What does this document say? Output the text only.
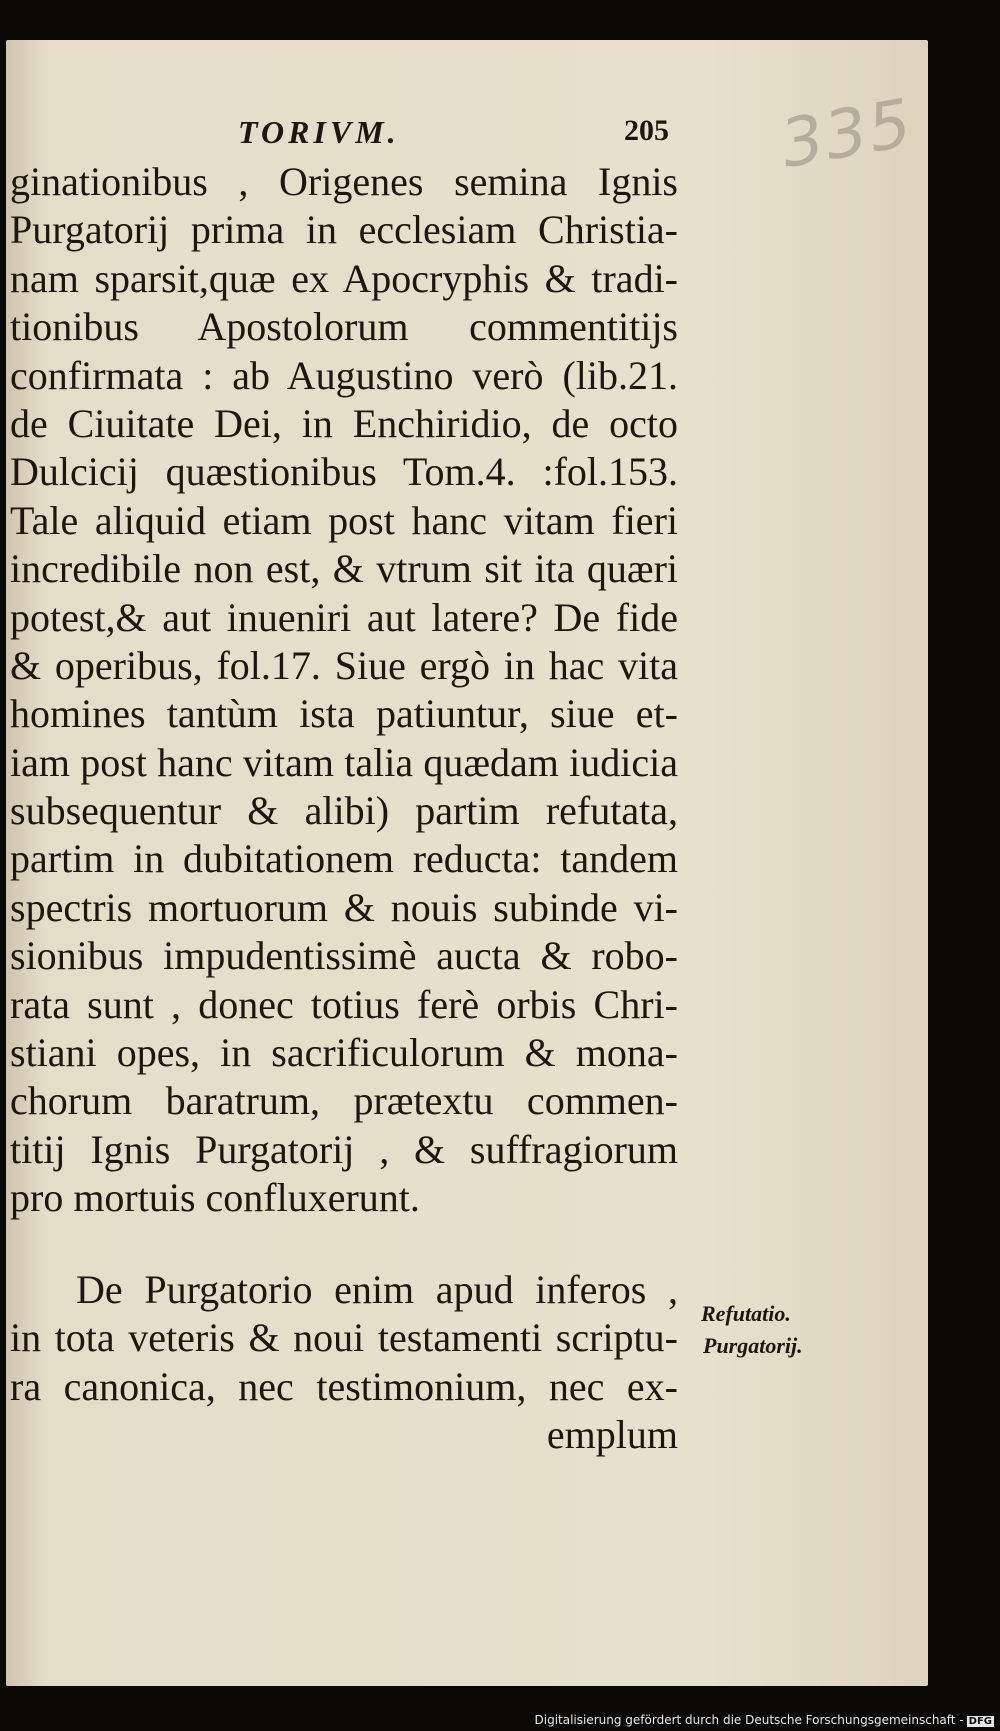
TORIVM.	205 335
ginationibus , Origenes semina Ignis
Purgatorij prima in ecclesiam Christia-
nam sparsit,quæ ex Apocryphis & tradi-
tionibus Apostolorum commentitijs
confirmata : ab Augustino verò (lib.21.
de Ciuitate Dei, in Enchiridio, de octo
Dulcicij quæstionibus Tom.4. :fol.153.
Tale aliquid etiam post hanc vitam fieri
incredibile non est, & vtrum sit ita quæri
potest,& aut inueniri aut latere? De fide
& operibus, fol.17. Siue ergò in hac vita
homines tantùm ista patiuntur, siue et-
iam post hanc vitam talia quædam iudicia
subsequentur & alibi) partim refutata,
partim in dubitationem reducta: tandem
spectris mortuorum & nouis subinde vi-
sionibus impudentissimè aucta & robo-
rata sunt , donec totius ferè orbis Chri-
stiani opes, in sacrificulorum & mona-
chorum baratrum, prætextu commen-
titij Ignis Purgatorij , & suffragiorum
pro mortuis confluxerunt.
De Purgatorio enim apud inferos ,
in tota veteris & noui testamenti scriptu-
ra canonica, nec testimonium, nec ex-
emplum
Refutatio.
Purgatorij.
Digitalisierung gefördert durch die Deutsche Forschungsgemeinschaft - DFG
